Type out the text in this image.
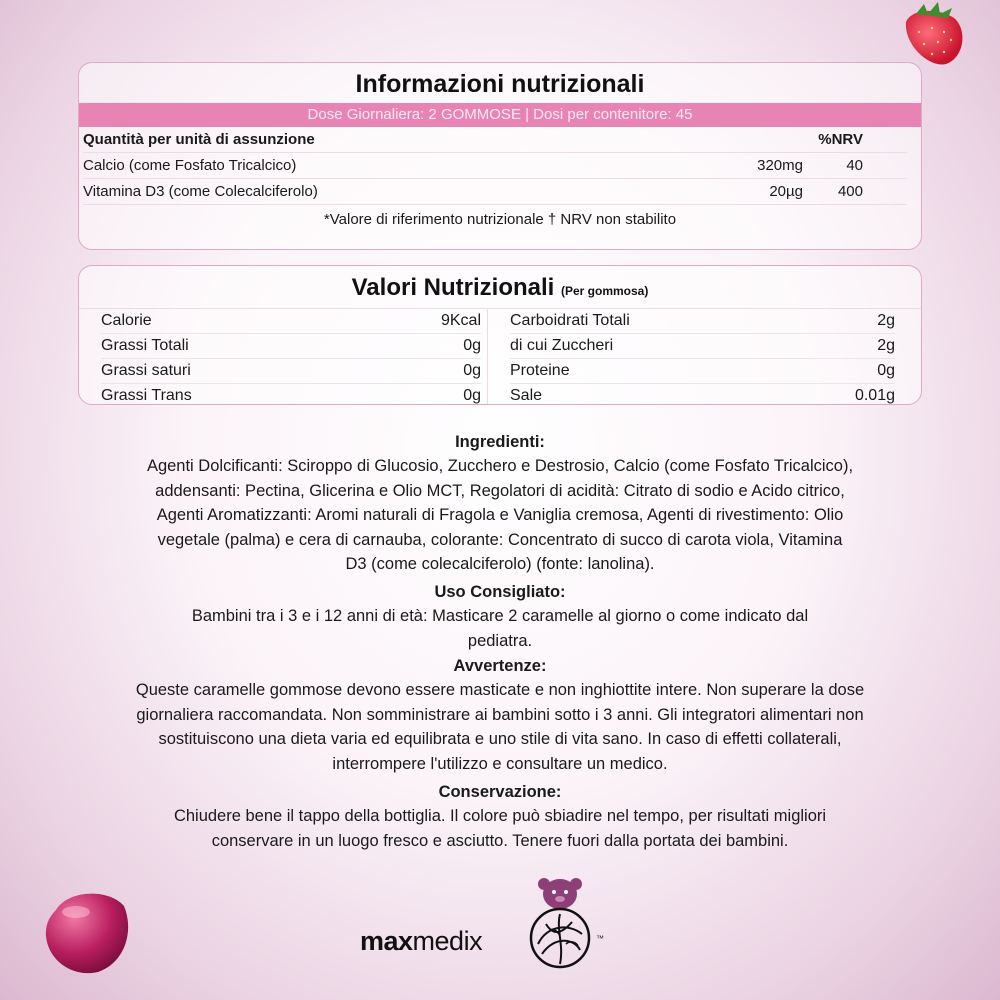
Informazioni nutrizionali
Dose Giornaliera: 2 GOMMOSE | Dosi per contenitore: 45
Quantità per unità di assunzione	%NRV
Calcio (come Fosfato Tricalcico)	320mg	40
Vitamina D3 (come Colecalciferolo)	20µg	400
*Valore di riferimento nutrizionale † NRV non stabilito
Valori Nutrizionali (Per gommosa)
Calorie	9Kcal
Grassi Totali	0g
Grassi saturi	0g
Grassi Trans	0g
Carboidrati Totali	2g
di cui Zuccheri	2g
Proteine	0g
Sale	0.01g
Ingredienti:

Agenti Dolcificanti: Sciroppo di Glucosio, Zucchero e Destrosio, Calcio (come Fosfato Tricalcico),

addensanti: Pectina, Glicerina e Olio MCT, Regolatori di acidità: Citrato di sodio e Acido citrico,

Agenti Aromatizzanti: Aromi naturali di Fragola e Vaniglia cremosa, Agenti di rivestimento: Olio

vegetale (palma) e cera di carnauba, colorante: Concentrato di succo di carota viola, Vitamina

D3 (come colecalciferolo) (fonte: lanolina).

Uso Consigliato:

Bambini tra i 3 e i 12 anni di età: Masticare 2 caramelle al giorno o come indicato dal

pediatra.

Avvertenze:

Queste caramelle gommose devono essere masticate e non inghiottite intere. Non superare la dose

giornaliera raccomandata. Non somministrare ai bambini sotto i 3 anni. Gli integratori alimentari non

sostituiscono una dieta varia ed equilibrata e uno stile di vita sano. In caso di effetti collaterali,

interrompere l'utilizzo e consultare un medico.

Conservazione:

Chiudere bene il tappo della bottiglia. Il colore può sbiadire nel tempo, per risultati migliori

conservare in un luogo fresco e asciutto. Tenere fuori dalla portata dei bambini.

maxmedix	™
